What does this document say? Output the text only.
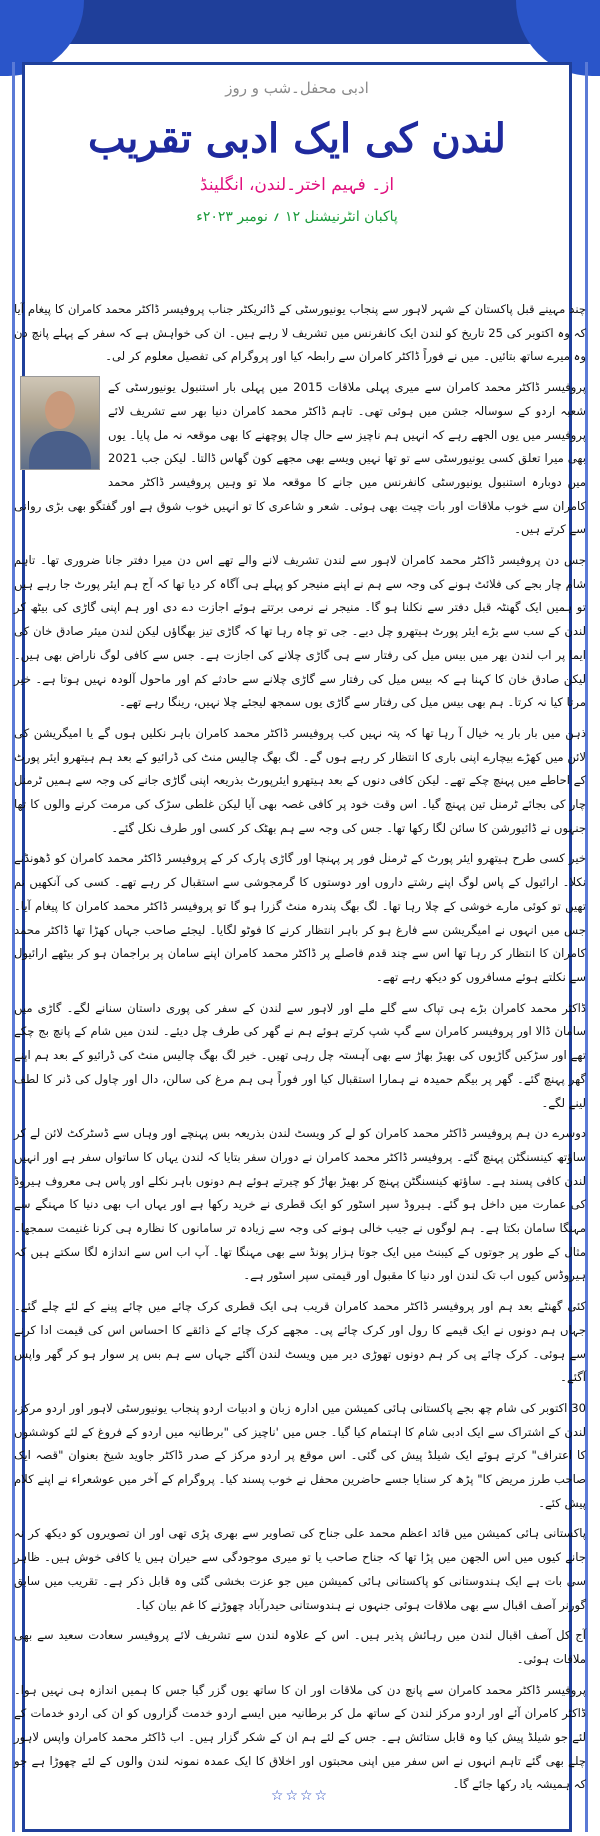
ادبی محفل۔شب و روز
لندن کی ایک ادبی تقریب
از۔ فہیم اختر۔لندن، انگلینڈ
پاکبان انٹرنیشنل ۱۲ ؍ نومبر ۲۰۲۳ء

چند مہینے قبل پاکستان کے شہر لاہور سے پنجاب یونیورسٹی کے ڈائریکٹر جناب پروفیسر ڈاکٹر محمد کامران کا پیغام آیا کہ وہ اکتوبر کی 25 تاریخ کو لندن ایک کانفرنس میں تشریف لا رہے ہیں۔ ان کی خواہش ہے کہ سفر کے پہلے پانچ دن وہ میرے ساتھ بتائیں۔ میں نے فوراً ڈاکٹر کامران سے رابطہ کیا اور پروگرام کی تفصیل معلوم کر لی۔

پروفیسر ڈاکٹر محمد کامران سے میری پہلی ملاقات 2015 میں پہلی بار استنبول یونیورسٹی کے شعبہ اردو کے سوسالہ جشن میں ہوئی تھی۔ تاہم ڈاکٹر محمد کامران دنیا بھر سے تشریف لائے پروفیسر میں یوں الجھے رہے کہ انہیں ہم ناچیز سے حال چال پوچھنے کا بھی موقعہ نہ مل پایا۔ یوں بھی میرا تعلق کسی یونیورسٹی سے تو تھا نہیں ویسے بھی مجھے کون گھاس ڈالتا۔ لیکن جب 2021 میں دوبارہ استنبول یونیورسٹی کانفرنس میں جانے کا موقعہ ملا تو وہیں پروفیسر ڈاکٹر محمد کامران سے خوب ملاقات اور بات چیت بھی ہوئی۔ شعر و شاعری کا تو انہیں خوب شوق ہے اور گفتگو بھی بڑی روانی سے کرتے ہیں۔

جس دن پروفیسر ڈاکٹر محمد کامران لاہور سے لندن تشریف لانے والے تھے اس دن میرا دفتر جانا ضروری تھا۔ تاہم شام چار بجے کی فلائٹ ہونے کی وجہ سے ہم نے اپنے منیجر کو پہلے ہی آگاہ کر دیا تھا کہ آج ہم ایئر پورٹ جا رہے ہیں تو ہمیں ایک گھنٹہ قبل دفتر سے نکلنا ہو گا۔ منیجر نے نرمی برتتے ہوئے اجازت دے دی اور ہم اپنی گاڑی کی بیٹھ کر لندن کے سب سے بڑے ایئر پورٹ ہیتھرو چل دیے۔ جی تو چاہ رہا تھا کہ گاڑی تیز بھگاؤں لیکن لندن میئر صادق خان کی ایما پر اب لندن بھر میں بیس میل کی رفتار سے ہی گاڑی چلانے کی اجازت ہے۔ جس سے کافی لوگ ناراض بھی ہیں۔ لیکن صادق خان کا کہنا ہے کہ بیس میل کی رفتار سے گاڑی چلانے سے حادثے کم اور ماحول آلودہ نہیں ہوتا ہے۔ خیر مرتا کیا نہ کرتا۔ ہم بھی بیس میل کی رفتار سے گاڑی یوں سمجھ لیجئے چلا نہیں، رینگا رہے تھے۔

ذہن میں بار بار یہ خیال آ رہا تھا کہ پتہ نہیں کب پروفیسر ڈاکٹر محمد کامران باہر نکلیں ہوں گے یا امیگریشن کی لائن میں کھڑے بیچارے اپنی باری کا انتظار کر رہے ہوں گے۔ لگ بھگ چالیس منٹ کی ڈرائیو کے بعد ہم ہیتھرو ایئر پورٹ کے احاطے میں پہنچ چکے تھے۔ لیکن کافی دنوں کے بعد ہیتھرو ایئرپورٹ بذریعہ اپنی گاڑی جانے کی وجہ سے ہمیں ٹرمنل چار کی بجائے ٹرمنل تین پہنچ گیا۔ اس وقت خود پر کافی غصہ بھی آیا لیکن غلطی سڑک کی مرمت کرنے والوں کا تھا جنہوں نے ڈائیورشن کا سائن لگا رکھا تھا۔ جس کی وجہ سے ہم بھٹک کر کسی اور طرف نکل گئے۔

خیر کسی طرح ہیتھرو ایئر پورٹ کے ٹرمنل فور پر پہنچا اور گاڑی پارک کر کے پروفیسر ڈاکٹر محمد کامران کو ڈھونڈنے نکلا۔ ارائیول کے پاس لوگ اپنے رشتے داروں اور دوستوں کا گرمجوشی سے استقبال کر رہے تھے۔ کسی کی آنکھیں نم تھیں تو کوئی مارے خوشی کے چلا رہا تھا۔ لگ بھگ پندرہ منٹ گزرا ہو گا تو پروفیسر ڈاکٹر محمد کامران کا پیغام آیا۔ جس میں انہوں نے امیگریشن سے فارغ ہو کر باہر انتظار کرنے کا فوٹو لگایا۔ لیجئے صاحب جہاں کھڑا تھا ڈاکٹر محمد کامران کا انتظار کر رہا تھا اس سے چند قدم فاصلے پر ڈاکٹر محمد کامران اپنے سامان پر براجمان ہو کر بیٹھے ارائیول سے نکلتے ہوئے مسافروں کو دیکھ رہے تھے۔

ڈاکٹر محمد کامران بڑے ہی تپاک سے گلے ملے اور لاہور سے لندن کے سفر کی پوری داستان سنانے لگے۔ گاڑی میں سامان ڈالا اور پروفیسر کامران سے گپ شپ کرتے ہوئے ہم نے گھر کی طرف چل دیئے۔ لندن میں شام کے پانچ بج چکے تھے اور سڑکیں گاڑیوں کی بھیڑ بھاڑ سے بھی آہستہ چل رہی تھیں۔ خیر لگ بھگ چالیس منٹ کی ڈرائیو کے بعد ہم اپنے گھر پہنچ گئے۔ گھر پر بیگم حمیدہ نے ہمارا استقبال کیا اور فوراً ہی ہم مرغ کی سالن، دال اور چاول کی ڈنر کا لطف لینے لگے۔

دوسرے دن ہم پروفیسر ڈاکٹر محمد کامران کو لے کر ویسٹ لندن بذریعہ بس پہنچے اور وہاں سے ڈسٹرکٹ لائن لے کر ساؤتھ کینسنگٹن پہنچ گئے۔ پروفیسر ڈاکٹر محمد کامران نے دوران سفر بتایا کہ لندن یہاں کا ساتواں سفر ہے اور انہیں لندن کافی پسند ہے۔ ساؤتھ کینسنگٹن پہنچ کر بھیڑ بھاڑ کو چیرتے ہوئے ہم دونوں باہر نکلے اور پاس ہی معروف ہیروڈ کی عمارت میں داخل ہو گئے۔ ہیروڈ سپر اسٹور کو ایک قطری نے خرید رکھا ہے اور یہاں اب بھی دنیا کا مہنگے سے مہنگا سامان بکتا ہے۔ ہم لوگوں نے جیب خالی ہونے کی وجہ سے زیادہ تر سامانوں کا نظارہ ہی کرنا غنیمت سمجھا۔ مثال کے طور پر جوتوں کے کیبنٹ میں ایک جوتا ہزار پونڈ سے بھی مہنگا تھا۔ آپ اب اس سے اندازہ لگا سکتے ہیں کہ ہیروڈس کیوں اب تک لندن اور دنیا کا مقبول اور قیمتی سپر اسٹور ہے۔

کئی گھنٹے بعد ہم اور پروفیسر ڈاکٹر محمد کامران قریب ہی ایک قطری کرک چائے میں چائے پینے کے لئے چلے گئے۔ جہاں ہم دونوں نے ایک قیمے کا رول اور کرک چائے پی۔ مجھے کرک چائے کے ذائقے کا احساس اس کی قیمت ادا کرنے سے ہوئی۔ کرک چائے پی کر ہم دونوں تھوڑی دیر میں ویسٹ لندن آگئے جہاں سے ہم بس پر سوار ہو کر گھر واپس آگئے۔

30 اکتوبر کی شام چھ بجے پاکستانی ہائی کمیشن میں ادارہ زبان و ادبیات اردو پنجاب یونیورسٹی لاہور اور اردو مرکز، لندن کے اشتراک سے ایک ادبی شام کا اہتمام کیا گیا۔ جس میں 'ناچیز کی "برطانیہ میں اردو کے فروغ کے لئے کوششوں کا اعتراف" کرتے ہوئے ایک شیلڈ پیش کی گئی۔ اس موقع پر اردو مرکز کے صدر ڈاکٹر جاوید شیخ بعنوان "قصہ ایک صاحب طرز مریض کا" پڑھ کر سنایا جسے حاضرین محفل نے خوب پسند کیا۔ پروگرام کے آخر میں عوشعراء نے اپنے کلام پیش کئے۔

پاکستانی ہائی کمیشن میں قائد اعظم محمد علی جناح کی تصاویر سے بھری پڑی تھی اور ان تصویروں کو دیکھ کر نہ جانے کیوں میں اس الجھن میں پڑا تھا کہ جناح صاحب یا تو میری موجودگی سے حیران ہیں یا کافی خوش ہیں۔ ظاہر سی بات ہے ایک ہندوستانی کو پاکستانی ہائی کمیشن میں جو عزت بخشی گئی وہ قابل ذکر ہے۔ تقریب میں سابق گورنر آصف اقبال سے بھی ملاقات ہوئی جنہوں نے ہندوستانی حیدرآباد چھوڑنے کا غم بیان کیا۔

آج کل آصف اقبال لندن میں رہائش پذیر ہیں۔ اس کے علاوہ لندن سے تشریف لائے پروفیسر سعادت سعید سے بھی ملاقات ہوئی۔

پروفیسر ڈاکٹر محمد کامران سے پانچ دن کی ملاقات اور ان کا ساتھ یوں گزر گیا جس کا ہمیں اندازہ ہی نہیں ہوا۔ ڈاکٹر کامران آئے اور اردو مرکز لندن کے ساتھ مل کر برطانیہ میں ایسے اردو خدمت گزاروں کو ان کی اردو خدمات کے لئے جو شیلڈ پیش کیا وہ قابل ستائش ہے۔ جس کے لئے ہم ان کے شکر گزار ہیں۔ اب ڈاکٹر محمد کامران واپس لاہور چلے بھی گئے تاہم انہوں نے اس سفر میں اپنی محبتوں اور اخلاق کا ایک عمدہ نمونہ لندن والوں کے لئے چھوڑا ہے جو کہ ہمیشہ یاد رکھا جائے گا۔

☆☆☆☆
